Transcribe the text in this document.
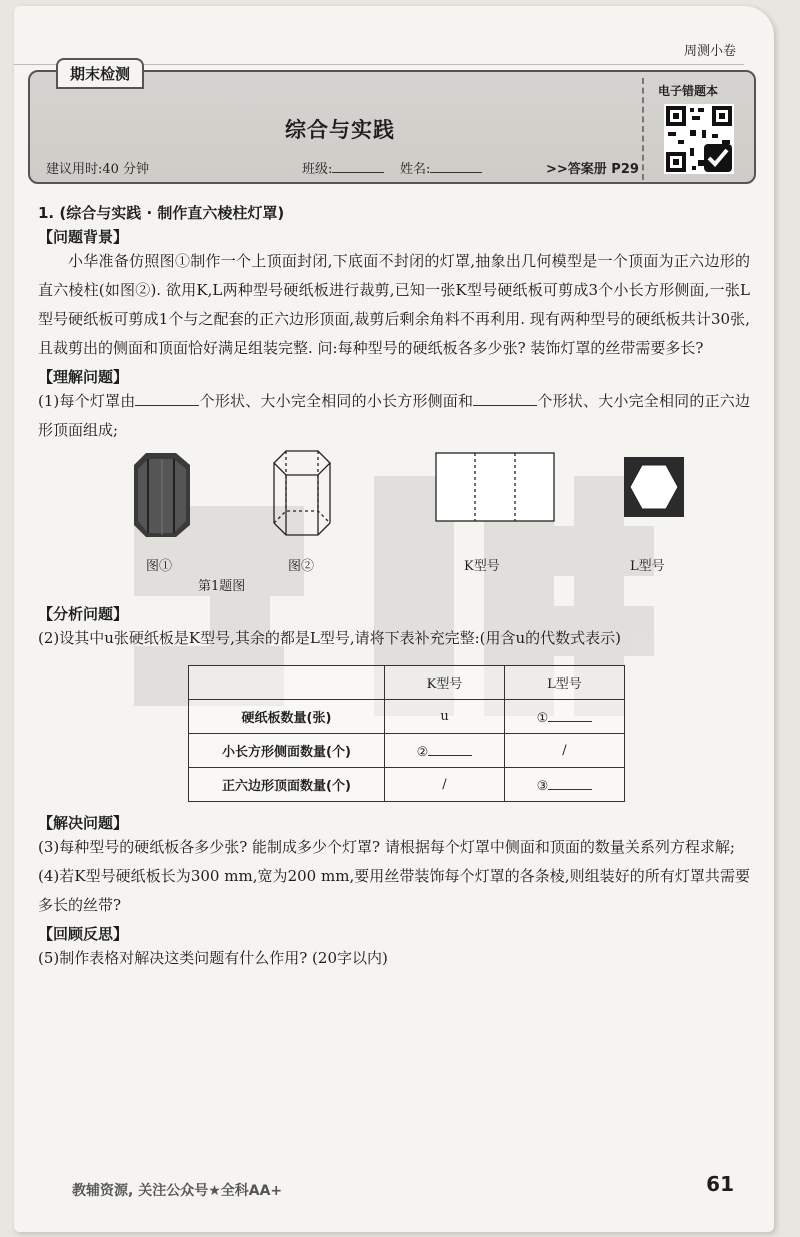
周测小卷
期末检测
综合与实践
建议用时:40 分钟	班级:	姓名:	>>答案册 P29
电子错题本
1. (综合与实践 · 制作直六棱柱灯罩)
【问题背景】
小华准备仿照图①制作一个上顶面封闭,下底面不封闭的灯罩,抽象出几何模型是一个顶面为正六边形的直六棱柱(如图②). 欲用K,L两种型号硬纸板进行裁剪,已知一张K型号硬纸板可剪成3个小长方形侧面,一张L型号硬纸板可剪成1个与之配套的正六边形顶面,裁剪后剩余角料不再利用. 现有两种型号的硬纸板共计30张,且裁剪出的侧面和顶面恰好满足组装完整. 问:每种型号的硬纸板各多少张? 装饰灯罩的丝带需要多长?
【理解问题】
(1)每个灯罩由	个形状、大小完全相同的小长方形侧面和	个形状、大小完全相同的正六边形顶面组成;
图①	图②	K型号	L型号
第1题图
【分析问题】
(2)设其中u张硬纸板是K型号,其余的都是L型号,请将下表补充完整:(用含u的代数式表示)
	K型号	L型号
硬纸板数量(张)	u	①
小长方形侧面数量(个)	②	/
正六边形顶面数量(个)	/	③
【解决问题】
(3)每种型号的硬纸板各多少张? 能制成多少个灯罩? 请根据每个灯罩中侧面和顶面的数量关系列方程求解;
(4)若K型号硬纸板长为300 mm,宽为200 mm,要用丝带装饰每个灯罩的各条棱,则组装好的所有灯罩共需要多长的丝带?
【回顾反思】
(5)制作表格对解决这类问题有什么作用? (20字以内)
教辅资源, 关注公众号★全科AA+	61
